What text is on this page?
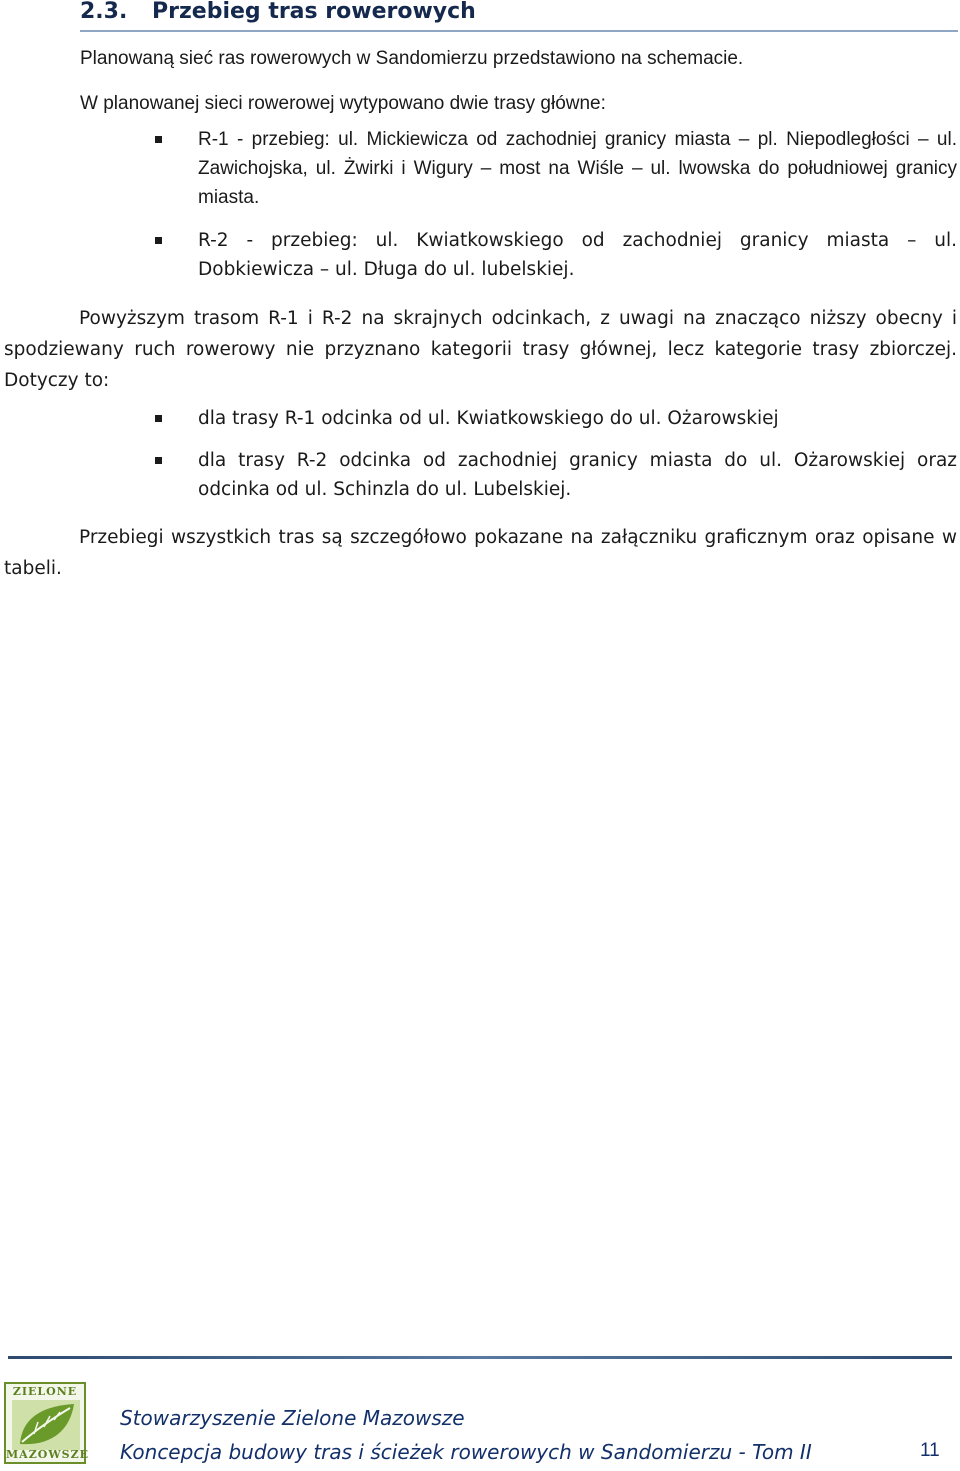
2.3. Przebieg tras rowerowych
Planowaną sieć ras rowerowych w Sandomierzu przedstawiono na schemacie.
W planowanej sieci rowerowej wytypowano dwie trasy główne:
R-1 - przebieg: ul. Mickiewicza od zachodniej granicy miasta – pl. Niepodległości – ul. Zawichojska, ul. Żwirki i Wigury – most na Wiśle – ul. lwowska do południowej granicy miasta.
R-2 - przebieg: ul. Kwiatkowskiego od zachodniej granicy miasta – ul. Dobkiewicza – ul. Długa do ul. lubelskiej.
Powyższym trasom R-1 i R-2 na skrajnych odcinkach, z uwagi na znacząco niższy obecny i spodziewany ruch rowerowy nie przyznano kategorii trasy głównej, lecz kategorie trasy zbiorczej. Dotyczy to:
dla trasy R-1 odcinka od ul. Kwiatkowskiego do ul. Ożarowskiej
dla trasy R-2 odcinka od zachodniej granicy miasta do ul. Ożarowskiej oraz odcinka od ul. Schinzla do ul. Lubelskiej.
Przebiegi wszystkich tras są szczegółowo pokazane na załączniku graficznym oraz opisane w tabeli.
ZIELONE
MAZOWSZE
Stowarzyszenie Zielone Mazowsze
Koncepcja budowy tras i ścieżek rowerowych w Sandomierzu - Tom II	11
